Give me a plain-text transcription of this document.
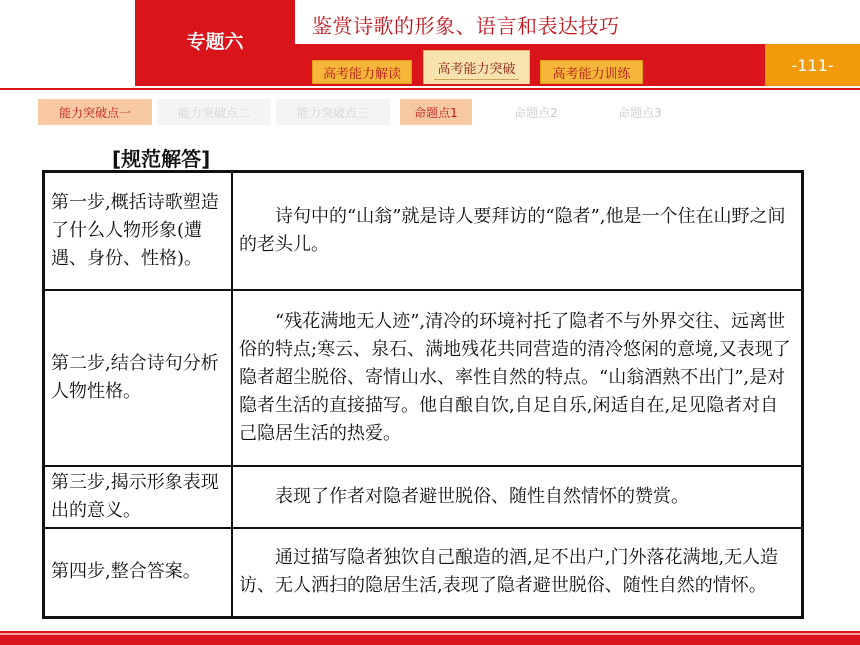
专题六
鉴赏诗歌的形象、语言和表达技巧
-111-
高考能力解读	高考能力突破	高考能力训练
能力突破点一	能力突破点二	能力突破点三	命题点1	命题点2	命题点3
[规范解答]
第一步,概括诗歌塑造了什么人物形象(遭遇、身份、性格)。	诗句中的“山翁”就是诗人要拜访的“隐者”,他是一个住在山野之间的老头儿。
第二步,结合诗句分析人物性格。	“残花满地无人迹”,清冷的环境衬托了隐者不与外界交往、远离世俗的特点;寒云、泉石、满地残花共同营造的清冷悠闲的意境,又表现了隐者超尘脱俗、寄情山水、率性自然的特点。“山翁酒熟不出门”,是对隐者生活的直接描写。他自酿自饮,自足自乐,闲适自在,足见隐者对自己隐居生活的热爱。
第三步,揭示形象表现出的意义。	表现了作者对隐者避世脱俗、随性自然情怀的赞赏。
第四步,整合答案。	通过描写隐者独饮自己酿造的酒,足不出户,门外落花满地,无人造访、无人洒扫的隐居生活,表现了隐者避世脱俗、随性自然的情怀。
